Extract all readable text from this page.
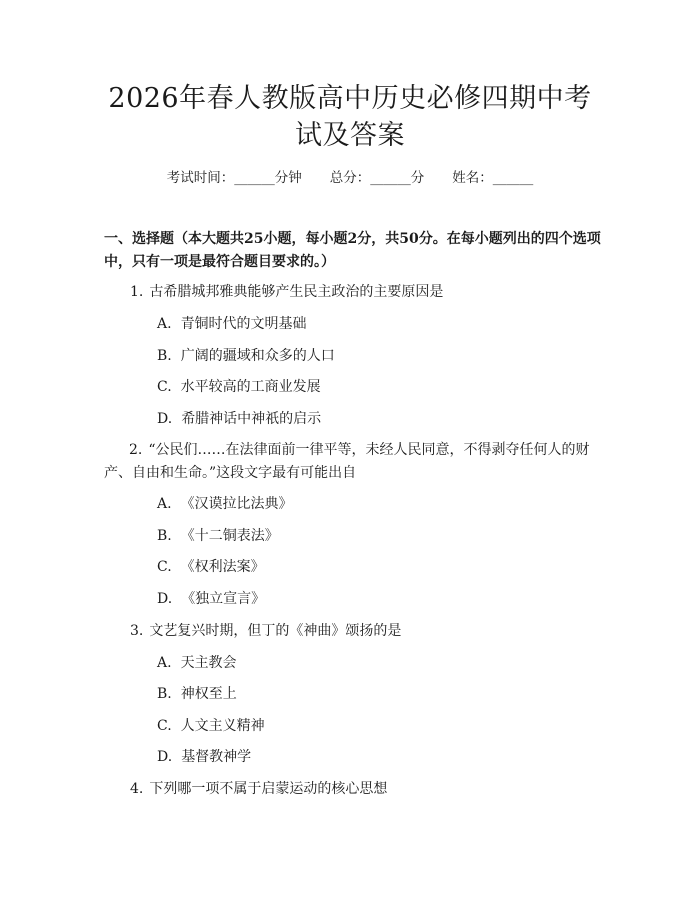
2026年春人教版高中历史必修四期中考试及答案
考试时间：______分钟 总分：______分 姓名：______

一、选择题（本大题共25小题，每小题2分，共50分。在每小题列出的四个选项中，只有一项是最符合题目要求的。）

1. 古希腊城邦雅典能够产生民主政治的主要原因是

A. 青铜时代的文明基础

B. 广阔的疆域和众多的人口

C. 水平较高的工商业发展

D. 希腊神话中神祇的启示

2. “公民们……在法律面前一律平等，未经人民同意，不得剥夺任何人的财产、自由和生命。”这段文字最有可能出自

A. 《汉谟拉比法典》

B. 《十二铜表法》

C. 《权利法案》

D. 《独立宣言》

3. 文艺复兴时期，但丁的《神曲》颂扬的是

A. 天主教会

B. 神权至上

C. 人文主义精神

D. 基督教神学

4. 下列哪一项不属于启蒙运动的核心思想
